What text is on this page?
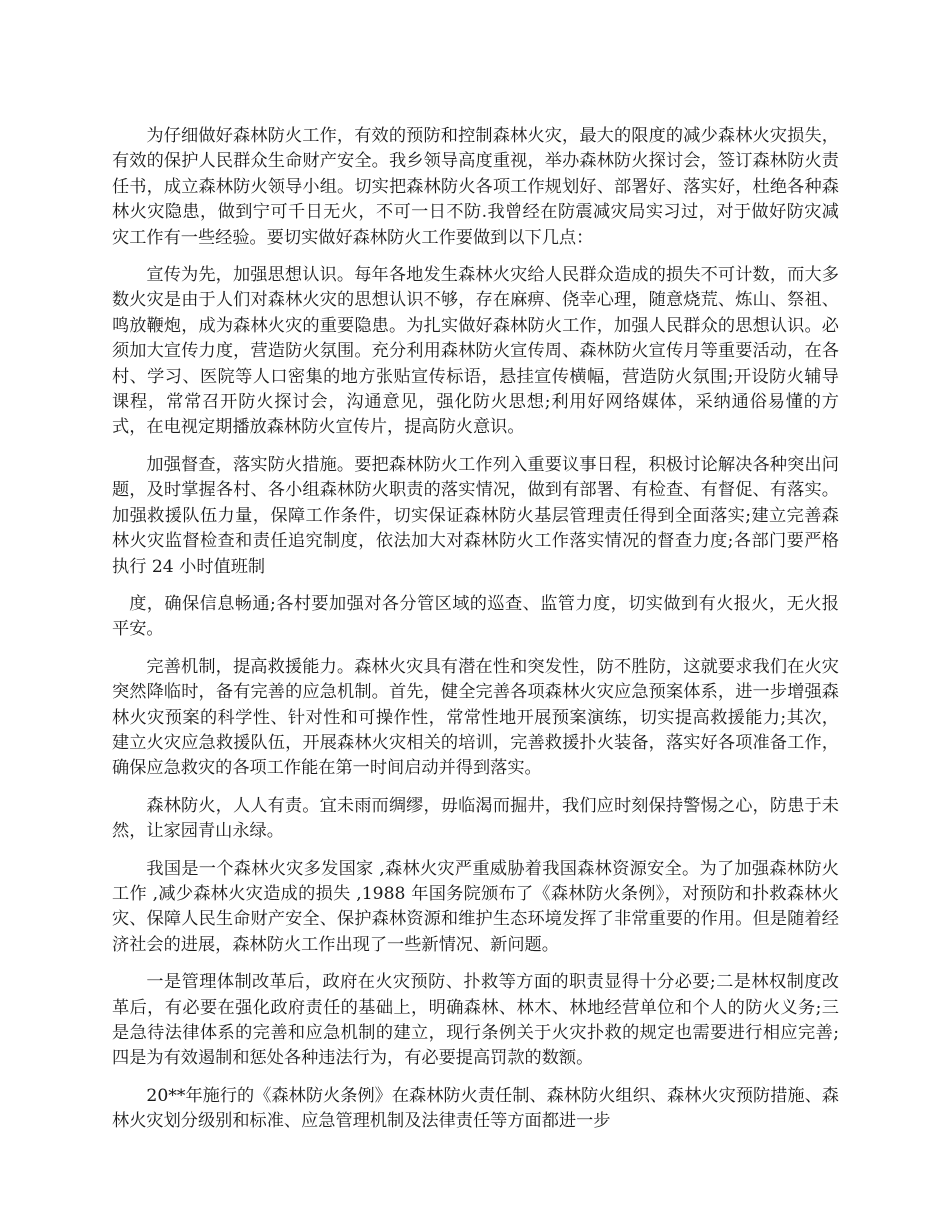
为仔细做好森林防火工作，有效的预防和控制森林火灾，最大的限度的减少森林火灾损失，有效的保护人民群众生命财产安全。我乡领导高度重视，举办森林防火探讨会，签订森林防火责任书，成立森林防火领导小组。切实把森林防火各项工作规划好、部署好、落实好，杜绝各种森林火灾隐患，做到宁可千日无火，不可一日不防.我曾经在防震减灾局实习过，对于做好防灾减灾工作有一些经验。要切实做好森林防火工作要做到以下几点：

宣传为先，加强思想认识。每年各地发生森林火灾给人民群众造成的损失不可计数，而大多数火灾是由于人们对森林火灾的思想认识不够，存在麻痹、侥幸心理，随意烧荒、炼山、祭祖、鸣放鞭炮，成为森林火灾的重要隐患。为扎实做好森林防火工作，加强人民群众的思想认识。必须加大宣传力度，营造防火氛围。充分利用森林防火宣传周、森林防火宣传月等重要活动，在各村、学习、医院等人口密集的地方张贴宣传标语，悬挂宣传横幅，营造防火氛围;开设防火辅导课程，常常召开防火探讨会，沟通意见，强化防火思想;利用好网络媒体，采纳通俗易懂的方式，在电视定期播放森林防火宣传片，提高防火意识。

加强督查，落实防火措施。要把森林防火工作列入重要议事日程，积极讨论解决各种突出问题，及时掌握各村、各小组森林防火职责的落实情况，做到有部署、有检查、有督促、有落实。加强救援队伍力量，保障工作条件，切实保证森林防火基层管理责任得到全面落实;建立完善森林火灾监督检查和责任追究制度，依法加大对森林防火工作落实情况的督查力度;各部门要严格执行 24 小时值班制

度，确保信息畅通;各村要加强对各分管区域的巡查、监管力度，切实做到有火报火，无火报平安。

完善机制，提高救援能力。森林火灾具有潜在性和突发性，防不胜防，这就要求我们在火灾突然降临时，备有完善的应急机制。首先，健全完善各项森林火灾应急预案体系，进一步增强森林火灾预案的科学性、针对性和可操作性，常常性地开展预案演练，切实提高救援能力;其次，建立火灾应急救援队伍，开展森林火灾相关的培训，完善救援扑火装备，落实好各项准备工作，确保应急救灾的各项工作能在第一时间启动并得到落实。

森林防火，人人有责。宜未雨而绸缪，毋临渴而掘井，我们应时刻保持警惕之心，防患于未然，让家园青山永绿。

我国是一个森林火灾多发国家 ,森林火灾严重威胁着我国森林资源安全。为了加强森林防火工作 ,减少森林火灾造成的损失 ,1988 年国务院颁布了《森林防火条例》，对预防和扑救森林火灾、保障人民生命财产安全、保护森林资源和维护生态环境发挥了非常重要的作用。但是随着经济社会的进展，森林防火工作出现了一些新情况、新问题。

一是管理体制改革后，政府在火灾预防、扑救等方面的职责显得十分必要;二是林权制度改革后，有必要在强化政府责任的基础上，明确森林、林木、林地经营单位和个人的防火义务;三是急待法律体系的完善和应急机制的建立，现行条例关于火灾扑救的规定也需要进行相应完善; 四是为有效遏制和惩处各种违法行为，有必要提高罚款的数额。

20**年施行的《森林防火条例》在森林防火责任制、森林防火组织、森林火灾预防措施、森林火灾划分级别和标准、应急管理机制及法律责任等方面都进一步
